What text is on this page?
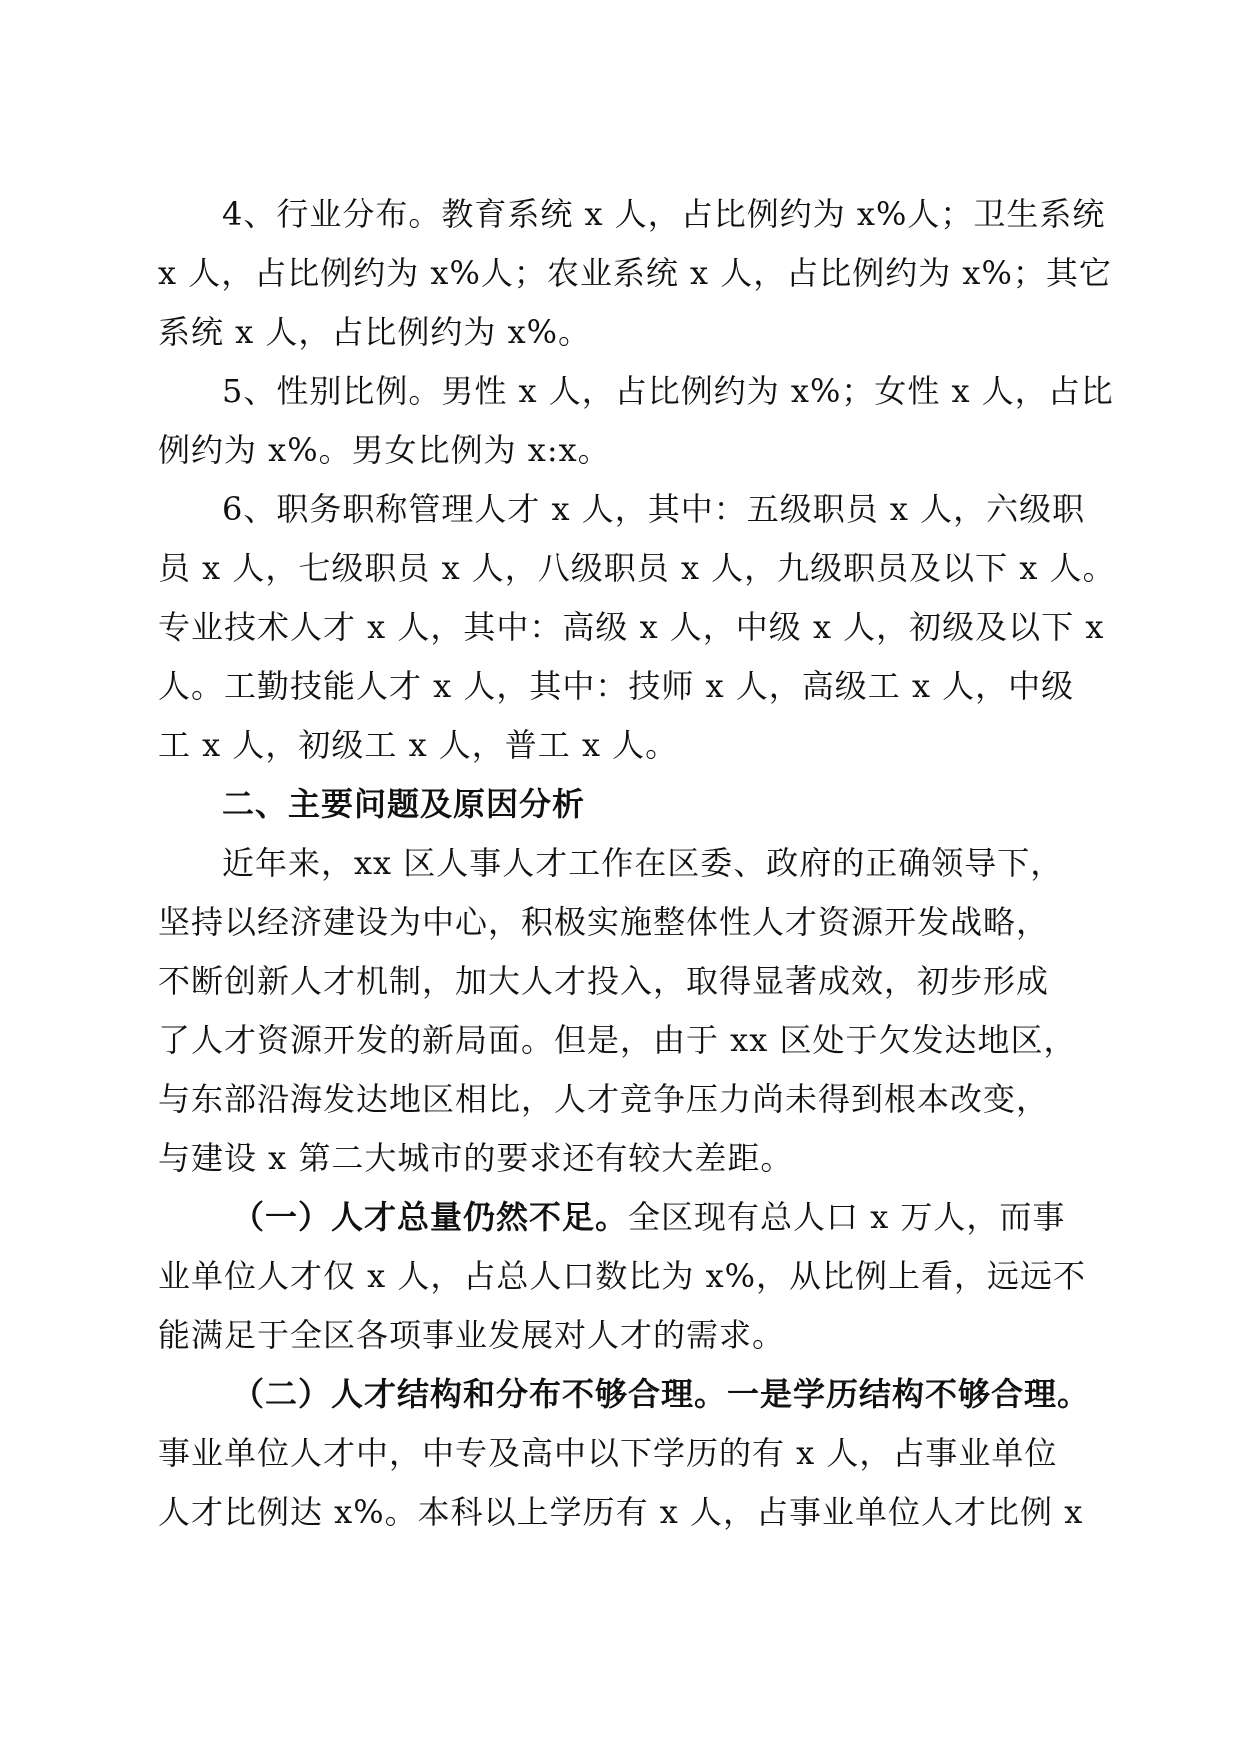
4、行业分布。教育系统 x 人，占比例约为 x%人；卫生系统
x 人，占比例约为 x%人；农业系统 x 人，占比例约为 x%；其它
系统 x 人，占比例约为 x%。
5、性别比例。男性 x 人，占比例约为 x%；女性 x 人，占比
例约为 x%。男女比例为 x:x。
6、职务职称管理人才 x 人，其中：五级职员 x 人，六级职
员 x 人，七级职员 x 人，八级职员 x 人，九级职员及以下 x 人。
专业技术人才 x 人，其中：高级 x 人，中级 x 人，初级及以下 x
人。工勤技能人才 x 人，其中：技师 x 人，高级工 x 人，中级
工 x 人，初级工 x 人，普工 x 人。
二、主要问题及原因分析
近年来，xx 区人事人才工作在区委、政府的正确领导下，
坚持以经济建设为中心，积极实施整体性人才资源开发战略，
不断创新人才机制，加大人才投入，取得显著成效，初步形成
了人才资源开发的新局面。但是，由于 xx 区处于欠发达地区，
与东部沿海发达地区相比，人才竞争压力尚未得到根本改变，
与建设 x 第二大城市的要求还有较大差距。
（一）人才总量仍然不足。全区现有总人口 x 万人，而事
业单位人才仅 x 人，占总人口数比为 x%，从比例上看，远远不
能满足于全区各项事业发展对人才的需求。
（二）人才结构和分布不够合理。一是学历结构不够合理。
事业单位人才中，中专及高中以下学历的有 x 人，占事业单位
人才比例达 x%。本科以上学历有 x 人，占事业单位人才比例 x
